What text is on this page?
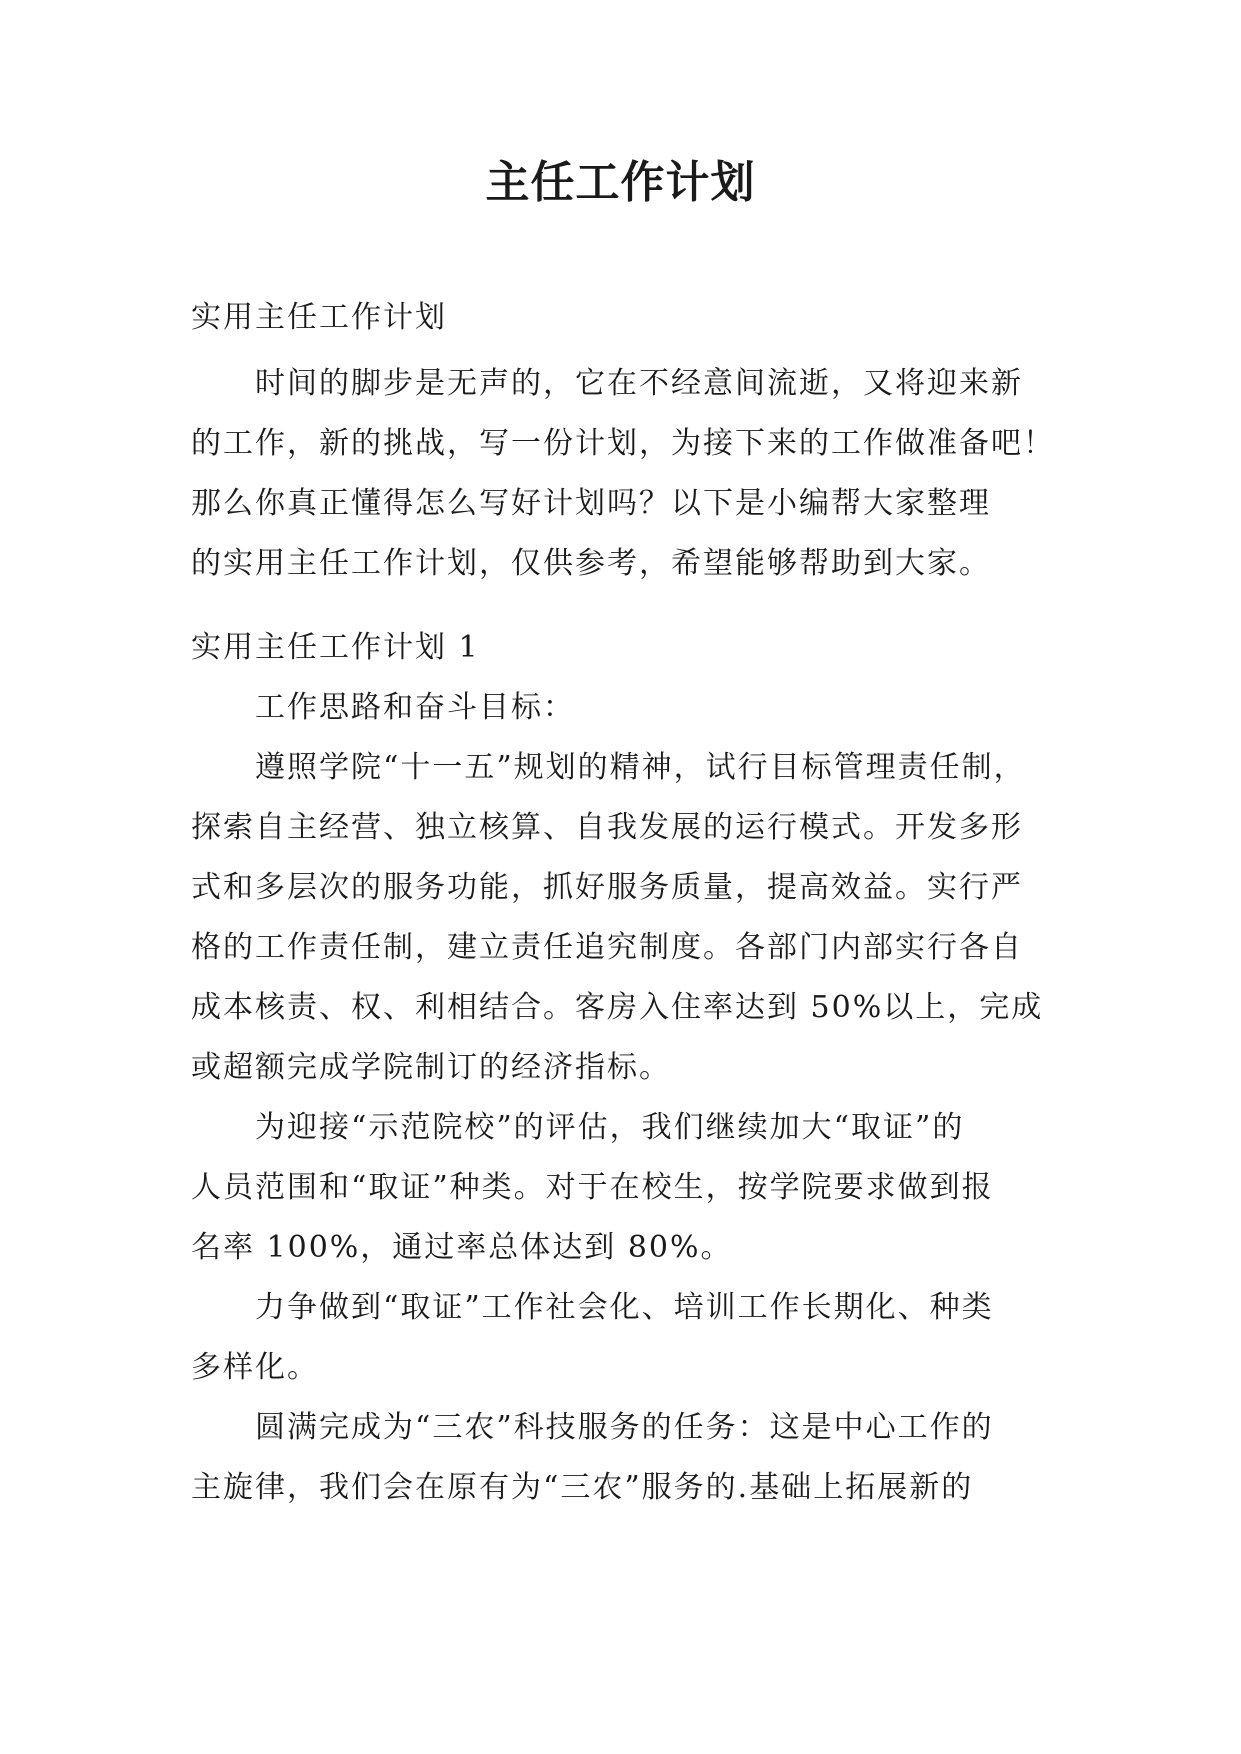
主任工作计划

实用主任工作计划

时间的脚步是无声的，它在不经意间流逝，又将迎来新
的工作，新的挑战，写一份计划，为接下来的工作做准备吧！
那么你真正懂得怎么写好计划吗？以下是小编帮大家整理
的实用主任工作计划，仅供参考，希望能够帮助到大家。
实用主任工作计划 1
工作思路和奋斗目标：
遵照学院“十一五”规划的精神，试行目标管理责任制，
探索自主经营、独立核算、自我发展的运行模式。开发多形
式和多层次的服务功能，抓好服务质量，提高效益。实行严
格的工作责任制，建立责任追究制度。各部门内部实行各自
成本核责、权、利相结合。客房入住率达到 50%以上，完成
或超额完成学院制订的经济指标。
为迎接“示范院校”的评估，我们继续加大“取证”的
人员范围和“取证”种类。对于在校生，按学院要求做到报
名率 100%，通过率总体达到 80%。
力争做到“取证”工作社会化、培训工作长期化、种类
多样化。
圆满完成为“三农”科技服务的任务：这是中心工作的
主旋律，我们会在原有为“三农”服务的.基础上拓展新的
